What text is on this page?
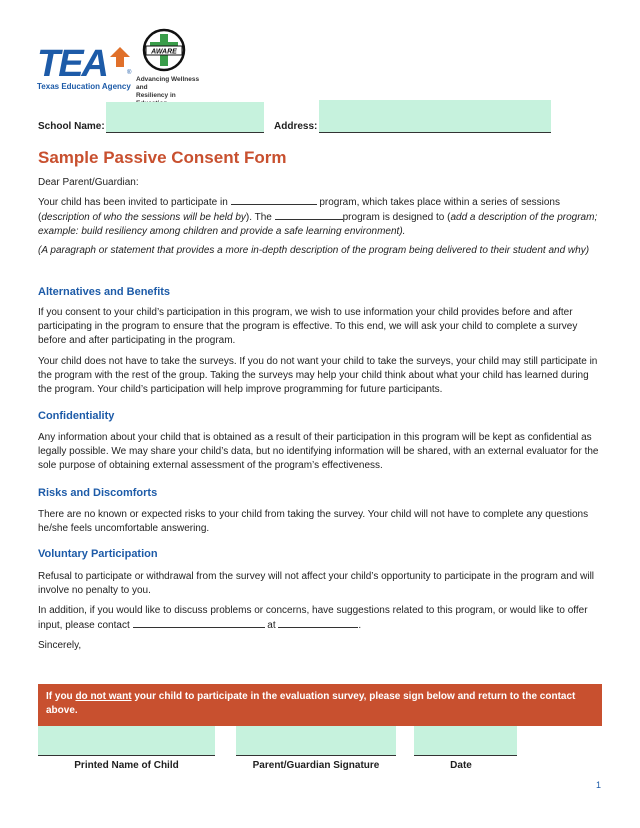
TEA	®
Texas Education Agency
AWARE
Advancing Wellness and
Resiliency in
School Name:	Address:
Sample Passive Consent Form
Dear Parent/Guardian:
Your child has been invited to participate in	program, which takes place within a series of sessions (description of who the sessions will be held by). The	program is designed to (add a description of the program; example: build resiliency among children and provide a safe learning environment).
(A paragraph or statement that provides a more in-depth description of the program being delivered to their student and why)
Alternatives and Benefits
If you consent to your child’s participation in this program, we wish to use information your child provides before and after participating in the program to ensure that the program is effective. To this end, we will ask your child to complete a survey before and after participating in the program.
Your child does not have to take the surveys. If you do not want your child to take the surveys, your child may still participate in the program with the rest of the group. Taking the surveys may help your child think about what your child has learned during the program. Your child’s participation will help improve programming for future participants.
Confidentiality
Any information about your child that is obtained as a result of their participation in this program will be kept as confidential as legally possible. We may share your child’s data, but no identifying information will be shared, with an external evaluator for the sole purpose of obtaining external assessment of the program’s effectiveness.
Risks and Discomforts
There are no known or expected risks to your child from taking the survey. Your child will not have to complete any questions he/she feels uncomfortable answering.
Voluntary Participation
Refusal to participate or withdrawal from the survey will not affect your child’s opportunity to participate in the program and will involve no penalty to you.
In addition, if you would like to discuss problems or concerns, have suggestions related to this program, or would like to offer input, please contact	at	.
Sincerely,
If you do not want your child to participate in the evaluation survey, please sign below and return to the contact above.
Printed Name of Child	Parent/Guardian Signature	Date
1
